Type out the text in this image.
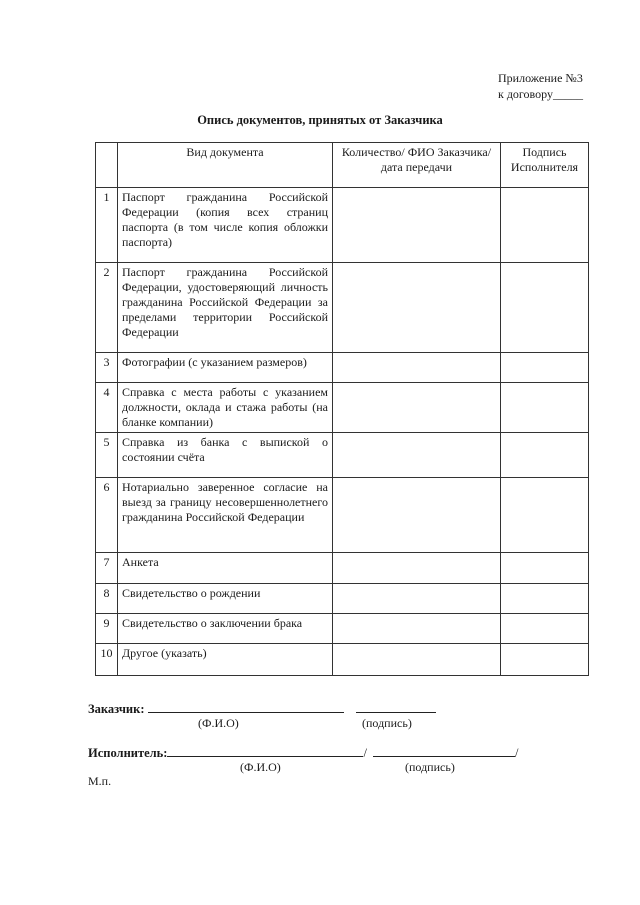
Приложение №3
к договору_____
Опись документов, принятых от Заказчика
	Вид документа	Количество/ ФИО Заказчика/ дата передачи	Подпись Исполнителя
1	Паспорт гражданина Российской Федерации (копия всех страниц паспорта (в том числе копия обложки паспорта)		
2	Паспорт гражданина Российской Федерации, удостоверяющий личность гражданина Российской Федерации за пределами территории Российской Федерации		
3	Фотографии (с указанием размеров)		
4	Справка с места работы с указанием должности, оклада и стажа работы (на бланке компании)		
5	Справка из банка с выпиской о состоянии счёта		
6	Нотариально заверенное согласие на выезд за границу несовершеннолетнего гражданина Российской Федерации		
7	Анкета		
8	Свидетельство о рождении		
9	Свидетельство о заключении брака		
10	Другое (указать)		
Заказчик:
(Ф.И.О)	(подпись)
Исполнитель:	/	/
(Ф.И.О)	(подпись)
М.п.
